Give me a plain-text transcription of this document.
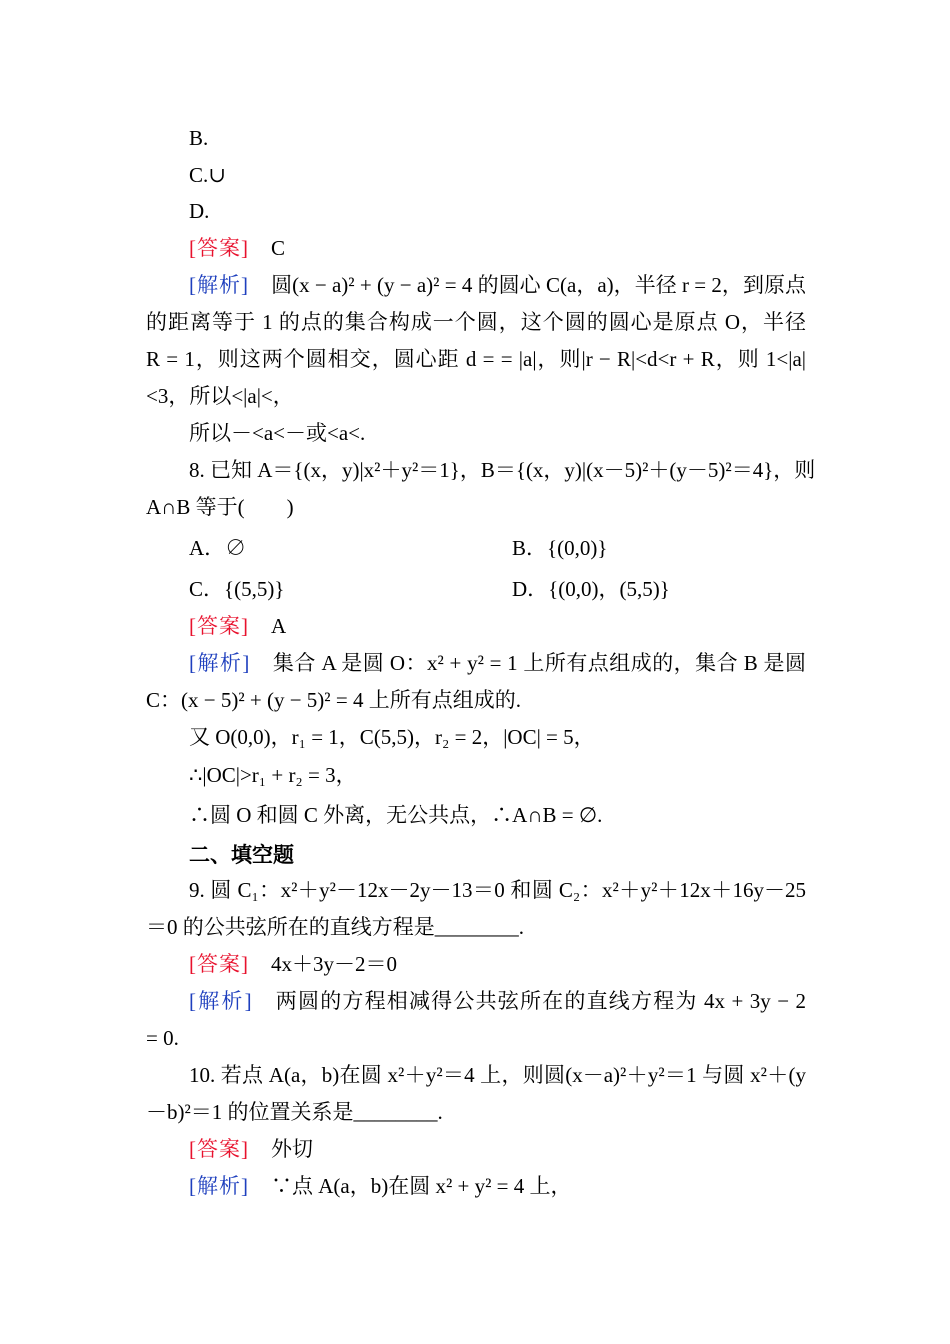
B.
C.∪
D.
[答案] C
[解析] 圆(x − a)² + (y − a)² = 4 的圆心 C(a，a)，半径 r = 2，到原点
的距离等于 1 的点的集合构成一个圆，这个圆的圆心是原点 O，半径
R = 1，则这两个圆相交，圆心距 d = = |a|，则|r − R|<d<r + R，则 1<|a|
<3，所以<|a|<，
所以－<a<－或<a<.
8. 已知 A＝{(x，y)|x²＋y²＝1}，B＝{(x，y)|(x－5)²＋(y－5)²＝4}，则
A∩B 等于(　　)
A．∅	B．{(0,0)}
C．{(5,5)}	D．{(0,0)，(5,5)}
[答案] A
[解析] 集合 A 是圆 O：x² + y² = 1 上所有点组成的，集合 B 是圆
C：(x − 5)² + (y − 5)² = 4 上所有点组成的.
又 O(0,0)，r₁ = 1，C(5,5)，r₂ = 2，|OC| = 5，
∴|OC|>r₁ + r₂ = 3，
∴圆 O 和圆 C 外离，无公共点，∴A∩B = ∅.
二、填空题
9. 圆 C₁：x²＋y²－12x－2y－13＝0 和圆 C₂：x²＋y²＋12x＋16y－25
＝0 的公共弦所在的直线方程是________.
[答案] 4x＋3y－2＝0
[解析] 两圆的方程相减得公共弦所在的直线方程为 4x + 3y − 2
= 0.
10. 若点 A(a，b)在圆 x²＋y²＝4 上，则圆(x－a)²＋y²＝1 与圆 x²＋(y
－b)²＝1 的位置关系是________.
[答案] 外切
[解析] ∵点 A(a，b)在圆 x² + y² = 4 上，
